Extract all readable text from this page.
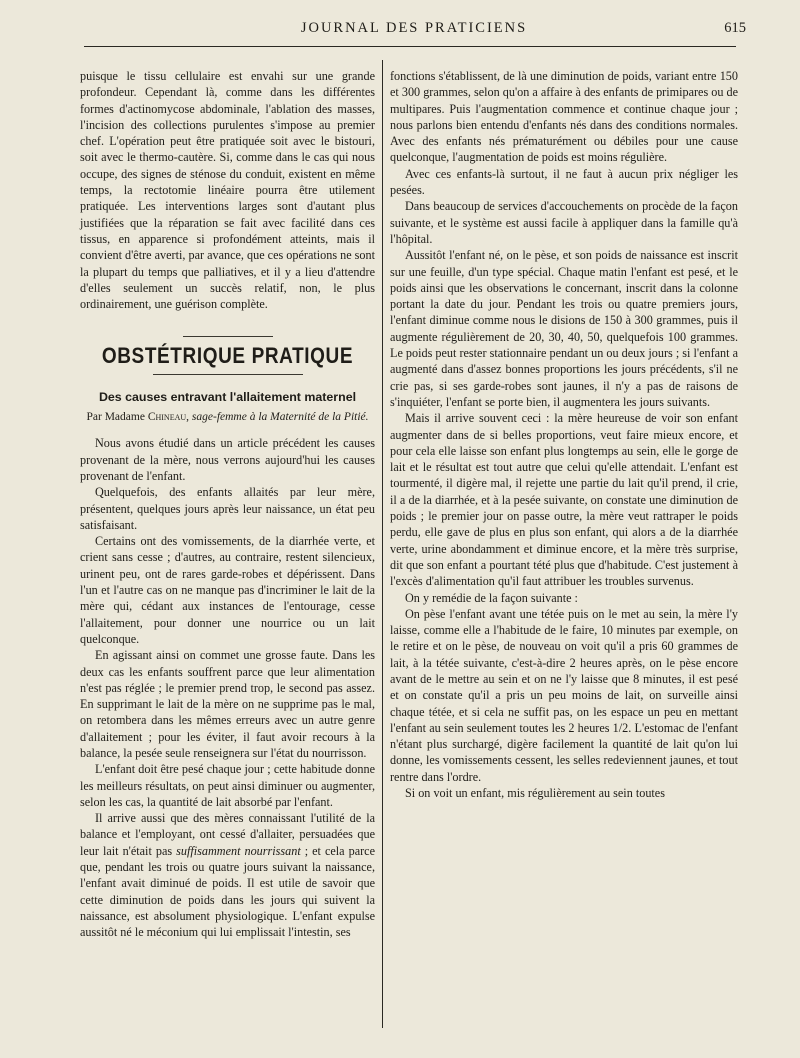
JOURNAL DES PRATICIENS	615

puisque le tissu cellulaire est envahi sur une grande profondeur. Cependant là, comme dans les différentes formes d'actinomycose abdominale, l'ablation des masses, l'incision des collections purulentes s'impose au premier chef. L'opération peut être pratiquée soit avec le bistouri, soit avec le thermo-cautère. Si, comme dans le cas qui nous occupe, des signes de sténose du conduit, existent en même temps, la rectotomie linéaire pourra être utilement pratiquée. Les interventions larges sont d'autant plus justifiées que la réparation se fait avec facilité dans ces tissus, en apparence si profondément atteints, mais il convient d'être averti, par avance, que ces opérations ne sont la plupart du temps que palliatives, et il y a lieu d'attendre d'elles seulement un succès relatif, non, le plus ordinairement, une guérison complète.

OBSTÉTRIQUE PRATIQUE
Des causes entravant l'allaitement maternel
Par Madame Chineau, sage-femme à la Maternité de la Pitié.

Nous avons étudié dans un article précédent les causes provenant de la mère, nous verrons aujourd'hui les causes provenant de l'enfant.

Quelquefois, des enfants allaités par leur mère, présentent, quelques jours après leur naissance, un état peu satisfaisant.

Certains ont des vomissements, de la diarrhée verte, et crient sans cesse ; d'autres, au contraire, restent silencieux, urinent peu, ont de rares garde-robes et dépérissent. Dans l'un et l'autre cas on ne manque pas d'incriminer le lait de la mère qui, cédant aux instances de l'entourage, cesse l'allaitement, pour donner une nourrice ou un lait quelconque.

En agissant ainsi on commet une grosse faute. Dans les deux cas les enfants souffrent parce que leur alimentation n'est pas réglée ; le premier prend trop, le second pas assez. En supprimant le lait de la mère on ne supprime pas le mal, on retombera dans les mêmes erreurs avec un autre genre d'allaitement ; pour les éviter, il faut avoir recours à la balance, la pesée seule renseignera sur l'état du nourrisson.

L'enfant doit être pesé chaque jour ; cette habitude donne les meilleurs résultats, on peut ainsi diminuer ou augmenter, selon les cas, la quantité de lait absorbé par l'enfant.

Il arrive aussi que des mères connaissant l'utilité de la balance et l'employant, ont cessé d'allaiter, persuadées que leur lait n'était pas suffisamment nourrissant ; et cela parce que, pendant les trois ou quatre jours suivant la naissance, l'enfant avait diminué de poids. Il est utile de savoir que cette diminution de poids dans les jours qui suivent la naissance, est absolument physiologique. L'enfant expulse aussitôt né le méconium qui lui emplissait l'intestin, ses

fonctions s'établissent, de là une diminution de poids, variant entre 150 et 300 grammes, selon qu'on a affaire à des enfants de primipares ou de multipares. Puis l'augmentation commence et continue chaque jour ; nous parlons bien entendu d'enfants nés dans des conditions normales. Avec des enfants nés prématurément ou débiles pour une cause quelconque, l'augmentation de poids est moins régulière.

Avec ces enfants-là surtout, il ne faut à aucun prix négliger les pesées.

Dans beaucoup de services d'accouchements on procède de la façon suivante, et le système est aussi facile à appliquer dans la famille qu'à l'hôpital.

Aussitôt l'enfant né, on le pèse, et son poids de naissance est inscrit sur une feuille, d'un type spécial. Chaque matin l'enfant est pesé, et le poids ainsi que les observations le concernant, inscrit dans la colonne portant la date du jour. Pendant les trois ou quatre premiers jours, l'enfant diminue comme nous le disions de 150 à 300 grammes, puis il augmente régulièrement de 20, 30, 40, 50, quelquefois 100 grammes. Le poids peut rester stationnaire pendant un ou deux jours ; si l'enfant a augmenté dans d'assez bonnes proportions les jours précédents, s'il ne crie pas, si ses garde-robes sont jaunes, il n'y a pas de raisons de s'inquiéter, l'enfant se porte bien, il augmentera les jours suivants.

Mais il arrive souvent ceci : la mère heureuse de voir son enfant augmenter dans de si belles proportions, veut faire mieux encore, et pour cela elle laisse son enfant plus longtemps au sein, elle le gorge de lait et le résultat est tout autre que celui qu'elle attendait. L'enfant est tourmenté, il digère mal, il rejette une partie du lait qu'il prend, il crie, il a de la diarrhée, et à la pesée suivante, on constate une diminution de poids ; le premier jour on passe outre, la mère veut rattraper le poids perdu, elle gave de plus en plus son enfant, qui alors a de la diarrhée verte, urine abondamment et diminue encore, et la mère très surprise, dit que son enfant a pourtant tété plus que d'habitude. C'est justement à l'excès d'alimentation qu'il faut attribuer les troubles survenus.

On y remédie de la façon suivante :

On pèse l'enfant avant une tétée puis on le met au sein, la mère l'y laisse, comme elle a l'habitude de le faire, 10 minutes par exemple, on le retire et on le pèse, de nouveau on voit qu'il a pris 60 grammes de lait, à la tétée suivante, c'est-à-dire 2 heures après, on le pèse encore avant de le mettre au sein et on ne l'y laisse que 8 minutes, il est pesé et on constate qu'il a pris un peu moins de lait, on surveille ainsi chaque tétée, et si cela ne suffit pas, on les espace un peu en mettant l'enfant au sein seulement toutes les 2 heures 1/2. L'estomac de l'enfant n'étant plus surchargé, digère facilement la quantité de lait qu'on lui donne, les vomissements cessent, les selles redeviennent jaunes, et tout rentre dans l'ordre.

Si on voit un enfant, mis régulièrement au sein toutes
